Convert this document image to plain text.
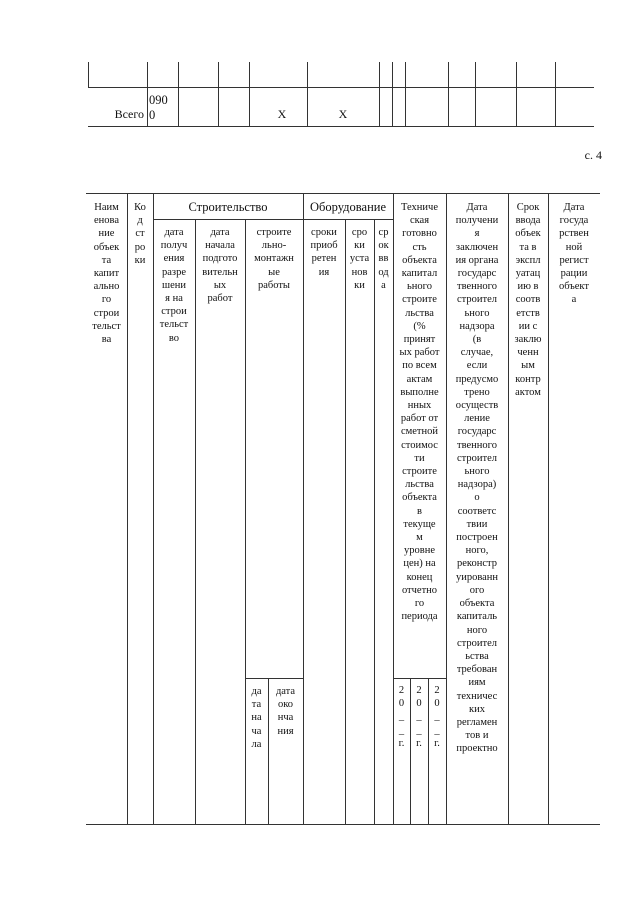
Всего
090
0	X	X
с. 4
Наим
енова
ние
объек
та
капит
ально
го
строи
тельст
ва
Ко
д
ст
ро
ки
Строительство
дата
получ
ения
разре
шени
я на
строи
тельст
во
дата
начала
подгото
вительн
ых
работ
строите
льно-
монтажн
ые
работы
да
та
на
ча
ла
дата
око
нча
ния
Оборудование
сроки
приоб
ретен
ия
сро
ки
уста
нов
ки
ср
ок
вв
од
а
Техниче
ская
готовно
сть
объекта
капитал
ьного
строите
льства
(%
принят
ых работ
по всем
актам
выполне
нных
работ от
сметной
стоимос
ти
строите
льства
объекта
в
текуще
м
уровне
цен) на
конец
отчетно
го
периода
2
0
_
_
г.
2
0
_
_
г.
2
0
_
_
г.
Дата
получени
я
заключен
ия органа
государс
твенного
строител
ьного
надзора
(в
случае,
если
предусмо
трено
осуществ
ление
государс
твенного
строител
ьного
надзора)
о
соответс
твии
построен
ного,
реконстр
уированн
ого
объекта
капиталь
ного
строител
ьства
требован
иям
техничес
ких
регламен
тов и
проектно
Срок
ввода
объек
та в
экспл
уатац
ию в
соотв
етств
ии с
заклю
ченн
ым
контр
актом
Дата
госуда
рствен
ной
регист
рации
объект
а
